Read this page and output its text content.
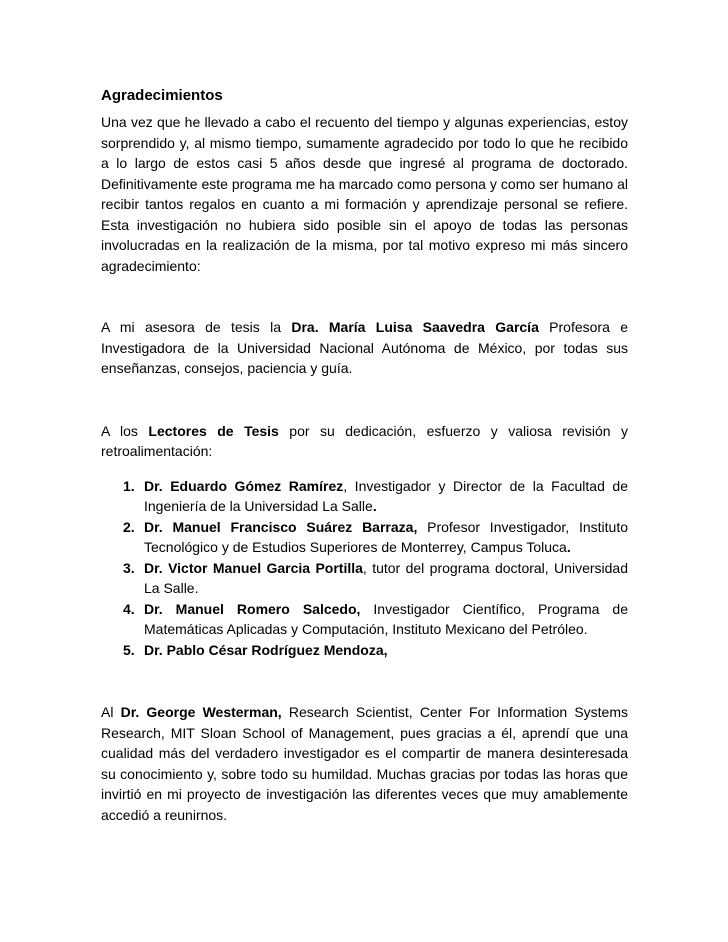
Agradecimientos

Una vez que he llevado a cabo el recuento del tiempo y algunas experiencias, estoy sorprendido y, al mismo tiempo, sumamente agradecido por todo lo que he recibido a lo largo de estos casi 5 años desde que ingresé al programa de doctorado. Definitivamente este programa me ha marcado como persona y como ser humano al recibir tantos regalos en cuanto a mi formación y aprendizaje personal se refiere. Esta investigación no hubiera sido posible sin el apoyo de todas las personas involucradas en la realización de la misma, por tal motivo expreso mi más sincero agradecimiento:

A mi asesora de tesis la Dra. María Luisa Saavedra García Profesora e Investigadora de la Universidad Nacional Autónoma de México, por todas sus enseñanzas, consejos, paciencia y guía.

A los Lectores de Tesis por su dedicación, esfuerzo y valiosa revisión y retroalimentación:

1. Dr. Eduardo Gómez Ramírez, Investigador y Director de la Facultad de Ingeniería de la Universidad La Salle.
2. Dr. Manuel Francisco Suárez Barraza, Profesor Investigador, Instituto Tecnológico y de Estudios Superiores de Monterrey, Campus Toluca.
3. Dr. Victor Manuel Garcia Portilla, tutor del programa doctoral, Universidad La Salle.
4. Dr. Manuel Romero Salcedo, Investigador Científico, Programa de Matemáticas Aplicadas y Computación, Instituto Mexicano del Petróleo.
5. Dr. Pablo César Rodríguez Mendoza,

Al Dr. George Westerman, Research Scientist, Center For Information Systems Research, MIT Sloan School of Management, pues gracias a él, aprendí que una cualidad más del verdadero investigador es el compartir de manera desinteresada su conocimiento y, sobre todo su humildad. Muchas gracias por todas las horas que invirtió en mi proyecto de investigación las diferentes veces que muy amablemente accedió a reunirnos.
